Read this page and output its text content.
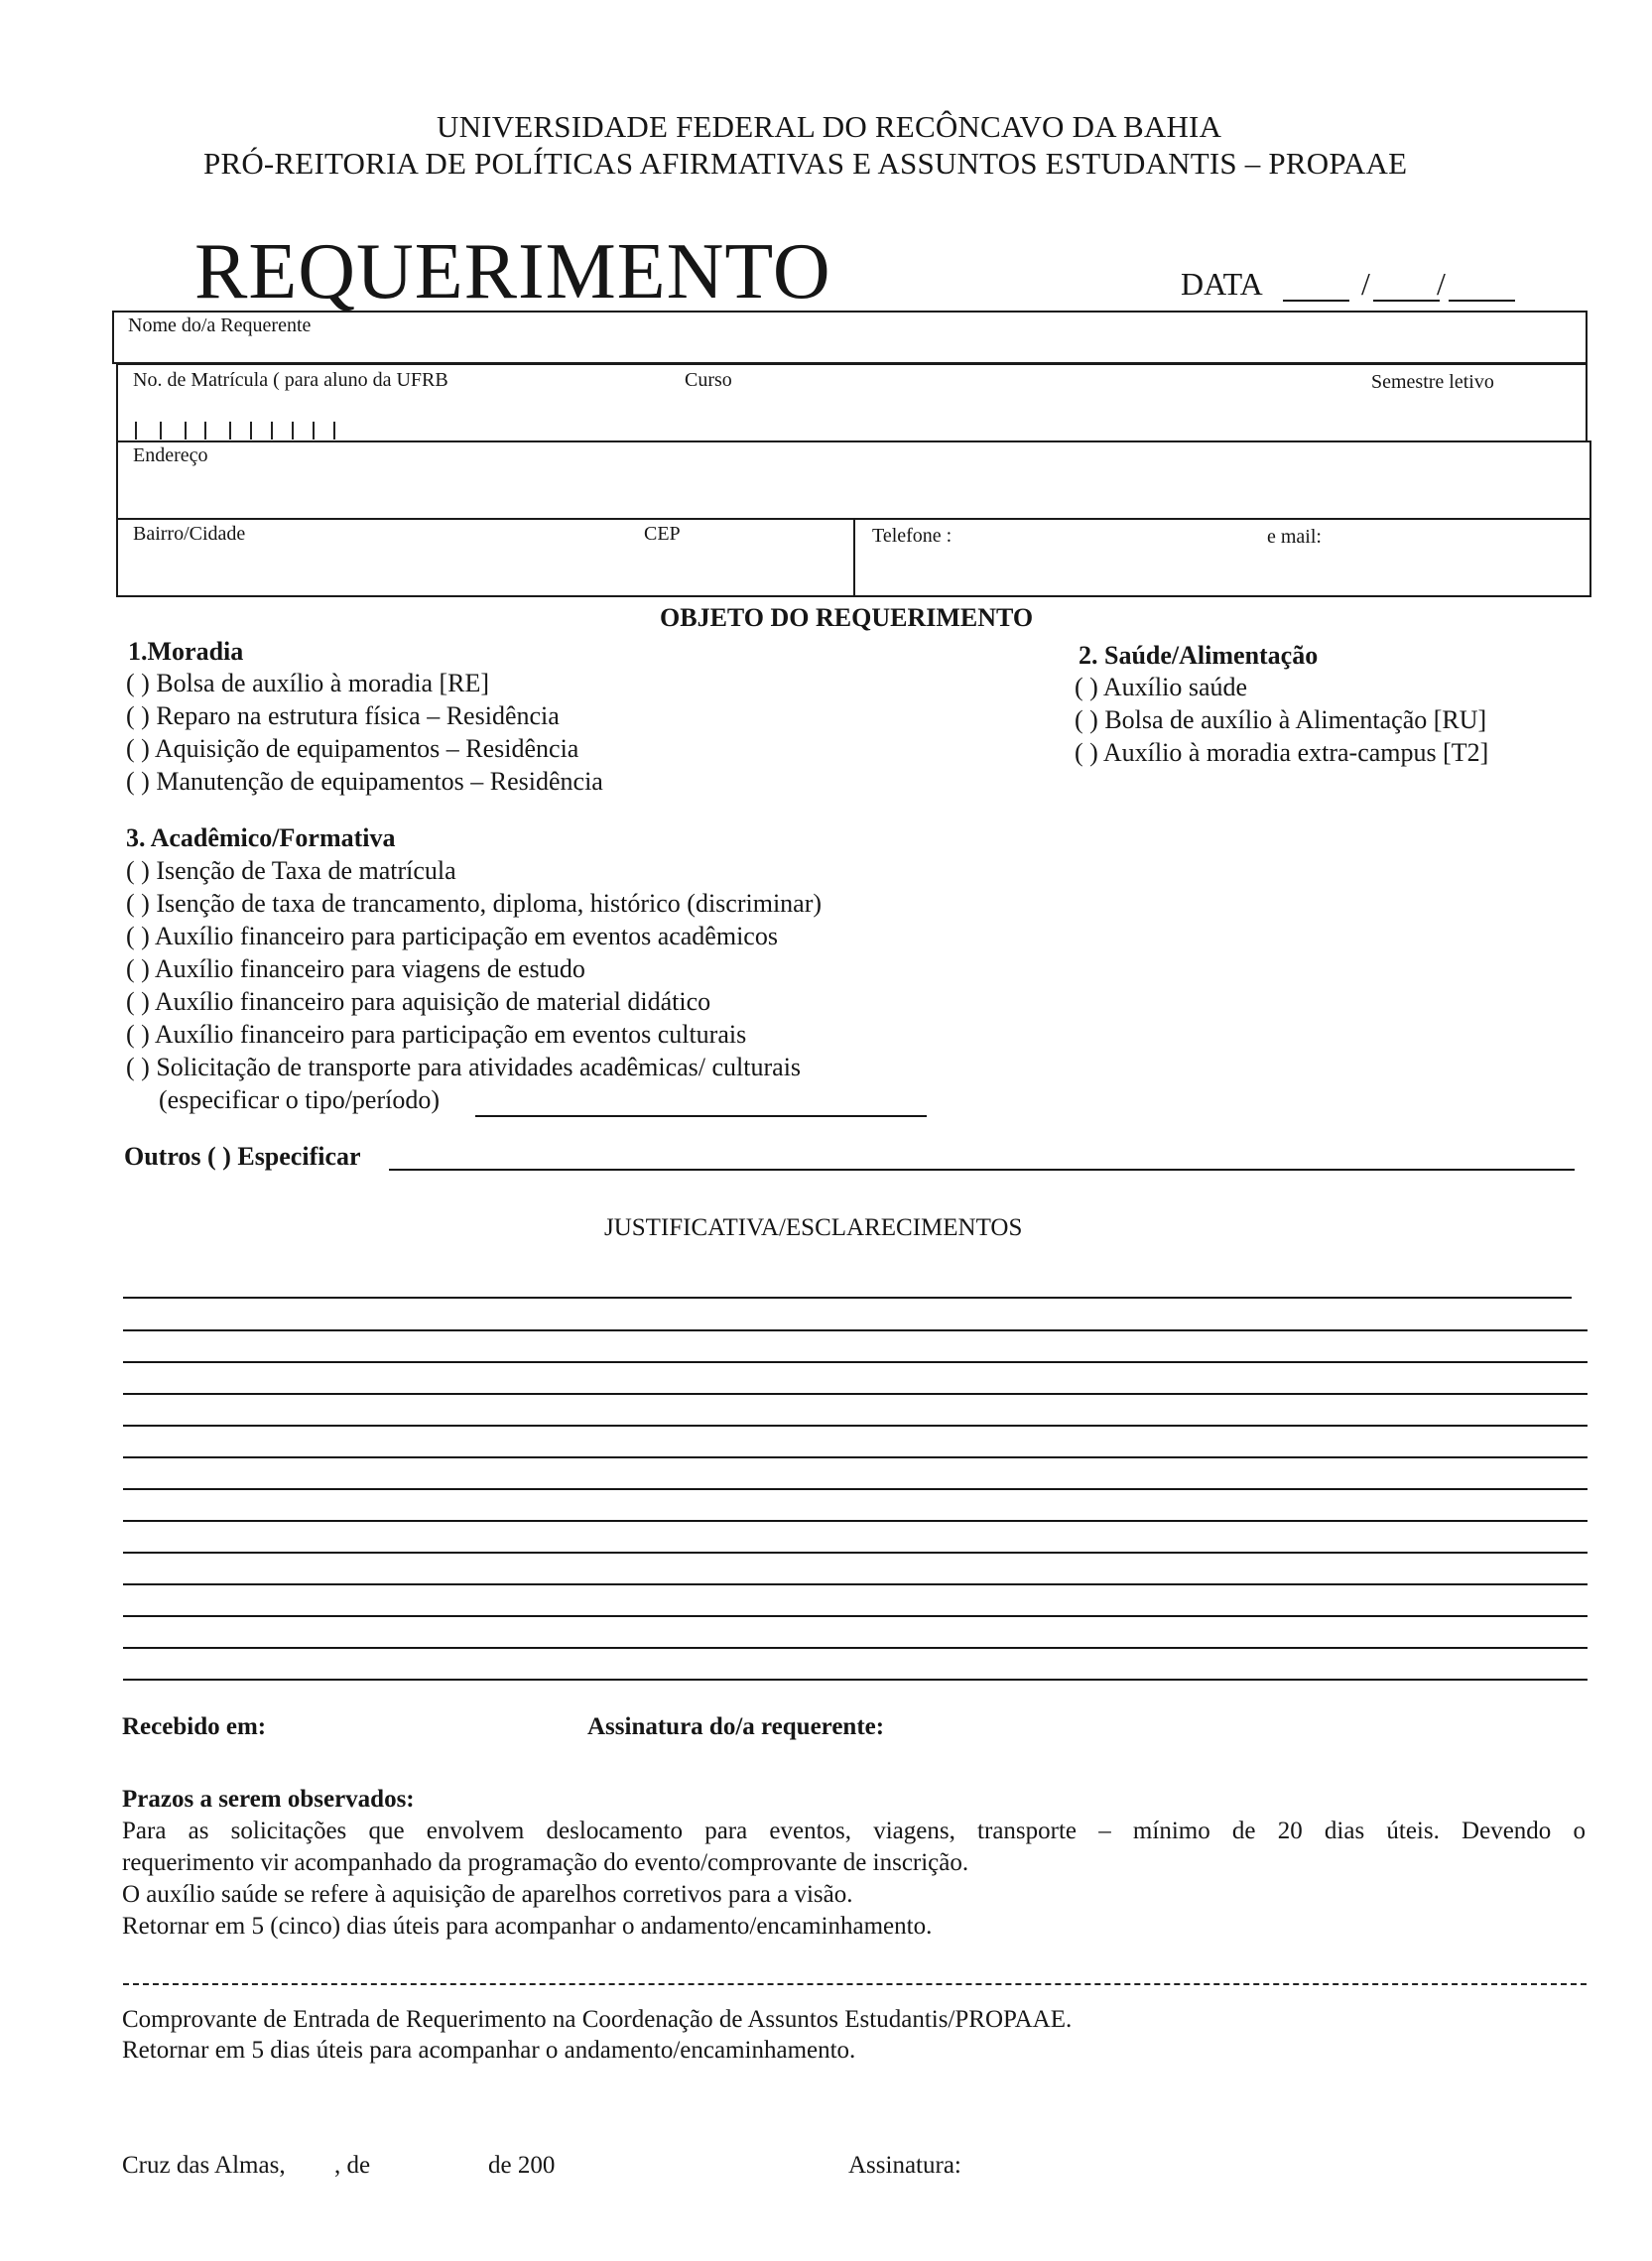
UNIVERSIDADE FEDERAL DO RECÔNCAVO DA BAHIA
PRÓ-REITORIA DE POLÍTICAS AFIRMATIVAS E ASSUNTOS ESTUDANTIS – PROPAAE
REQUERIMENTO	DATA	/ /
Nome do/a Requerente
No. de Matrícula ( para aluno da UFRB	Curso	Semestre letivo
Endereço
Bairro/Cidade	CEP	Telefone :	e mail:
OBJETO DO REQUERIMENTO
1.Moradia
( ) Bolsa de auxílio à moradia [RE]
( ) Reparo na estrutura física – Residência
( ) Aquisição de equipamentos – Residência
( ) Manutenção de equipamentos – Residência
2. Saúde/Alimentação
( ) Auxílio saúde
( ) Bolsa de auxílio à Alimentação [RU]
( ) Auxílio à moradia extra-campus [T2]
3. Acadêmico/Formativa
( ) Isenção de Taxa de matrícula
( ) Isenção de taxa de trancamento, diploma, histórico (discriminar)
( ) Auxílio financeiro para participação em eventos acadêmicos
( ) Auxílio financeiro para viagens de estudo
( ) Auxílio financeiro para aquisição de material didático
( ) Auxílio financeiro para participação em eventos culturais
( ) Solicitação de transporte para atividades acadêmicas/ culturais
(especificar o tipo/período)
Outros ( ) Especificar
JUSTIFICATIVA/ESCLARECIMENTOS
Recebido em:	Assinatura do/a requerente:
Prazos a serem observados:
Para as solicitações que envolvem deslocamento para eventos, viagens, transporte – mínimo de 20 dias úteis. Devendo o
requerimento vir acompanhado da programação do evento/comprovante de inscrição.
O auxílio saúde se refere à aquisição de aparelhos corretivos para a visão.
Retornar em 5 (cinco) dias úteis para acompanhar o andamento/encaminhamento.
Comprovante de Entrada de Requerimento na Coordenação de Assuntos Estudantis/PROPAAE.
Retornar em 5 dias úteis para acompanhar o andamento/encaminhamento.
Cruz das Almas, , de	de 200	Assinatura:
